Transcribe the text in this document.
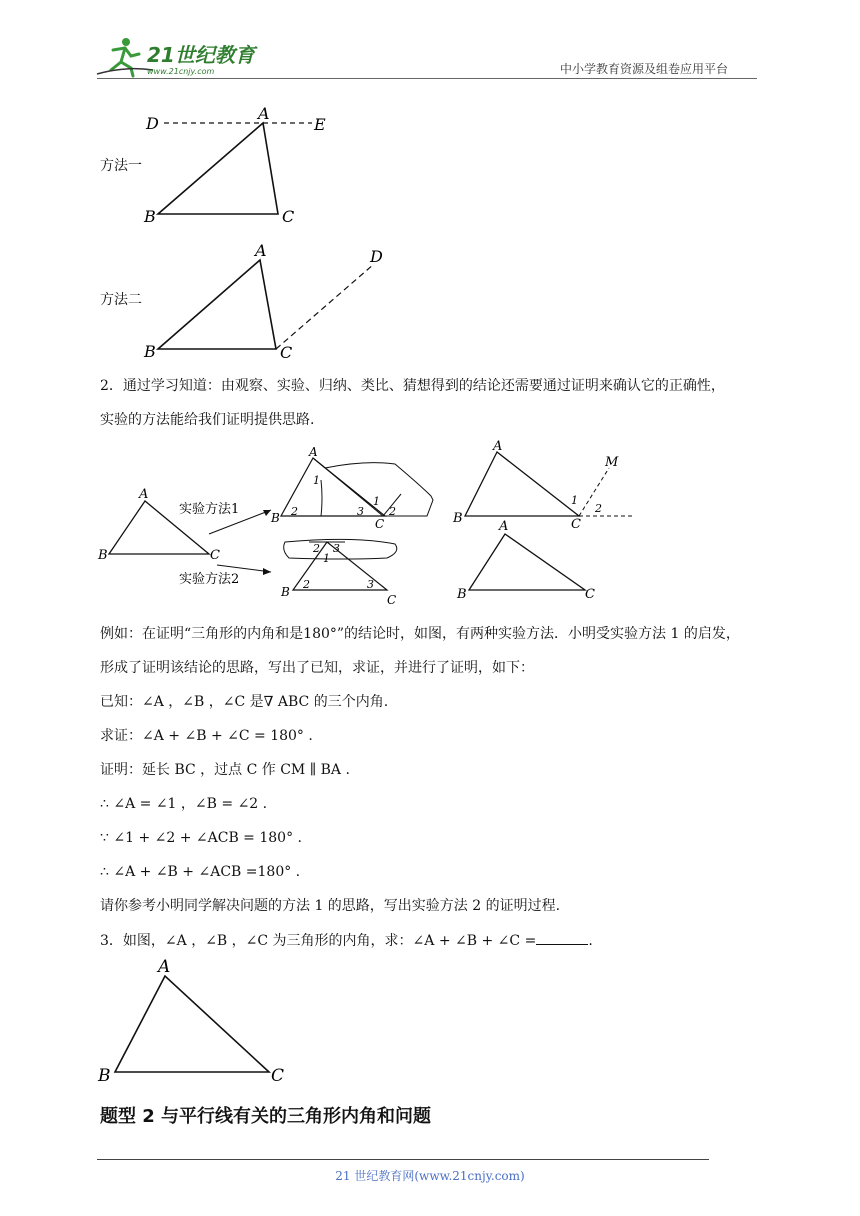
21世纪教育
www.21cnjy.com	中小学教育资源及组卷应用平台
方法一
D
A
E
B	C
方法二
A	D
B	C
2．通过学习知道：由观察、实验、归纳、类比、猜想得到的结论还需要通过证明来确认它的正确性，
实验的方法能给我们证明提供思路.
A
B	C
实验方法1
实验方法2
A
1
2	3
1
2
B	C
2 3
1
2	3
B
C
A
M
1
2
B	C
A
B	C
例如：在证明“三角形的内角和是180°”的结论时，如图，有两种实验方法．小明受实验方法 1 的启发，
形成了证明该结论的思路，写出了已知，求证，并进行了证明，如下：
已知：∠A ，∠B ，∠C 是∇ ABC 的三个内角.
求证：∠A + ∠B + ∠C = 180° .
证明：延长 BC ，过点 C 作 CM ∥ BA .
∴ ∠A = ∠1 ，∠B = ∠2 .
∵ ∠1 + ∠2 + ∠ACB = 180° .
∴ ∠A + ∠B + ∠ACB =180° .
请你参考小明同学解决问题的方法 1 的思路，写出实验方法 2 的证明过程.
3．如图，∠A ，∠B ，∠C 为三角形的内角，求：∠A + ∠B + ∠C =	.
A
B	C
题型 2 与平行线有关的三角形内角和问题
21 世纪教育网(www.21cnjy.com)
